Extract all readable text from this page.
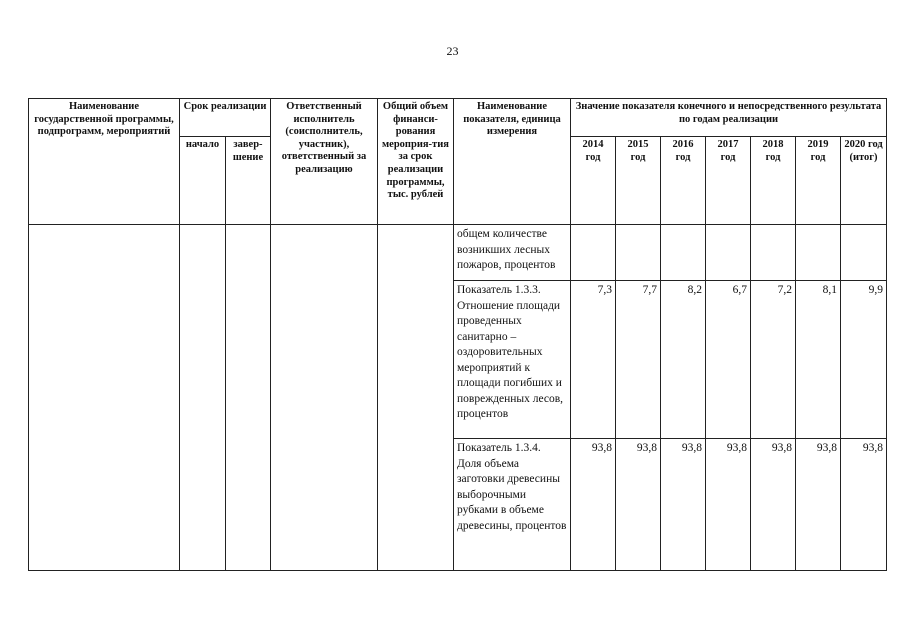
23
Наименование государственной программы, подпрограмм, мероприятий	Срок реализации		Ответственный исполнитель (соисполнитель, участник), ответственный за реализацию	Общий объем финанси-рования мероприя-тия за срок реализации программы, тыс. рублей	Наименование показателя, единица измерения	Значение показателя конечного и непосредственного результата по годам реализации						
	начало	завер-шение				2014 год	2015 год	2016 год	2017 год	2018 год	2019 год	2020 год (итог)
					общем количестве возникших лесных пожаров, процентов							
					Показатель 1.3.3. Отношение площади проведенных санитарно – оздоровительных мероприятий к площади погибших и поврежденных лесов, процентов	7,3	7,7	8,2	6,7	7,2	8,1	9,9
					Показатель 1.3.4. Доля объема заготовки древесины выборочными рубками в объеме древесины, процентов	93,8	93,8	93,8	93,8	93,8	93,8	93,8
